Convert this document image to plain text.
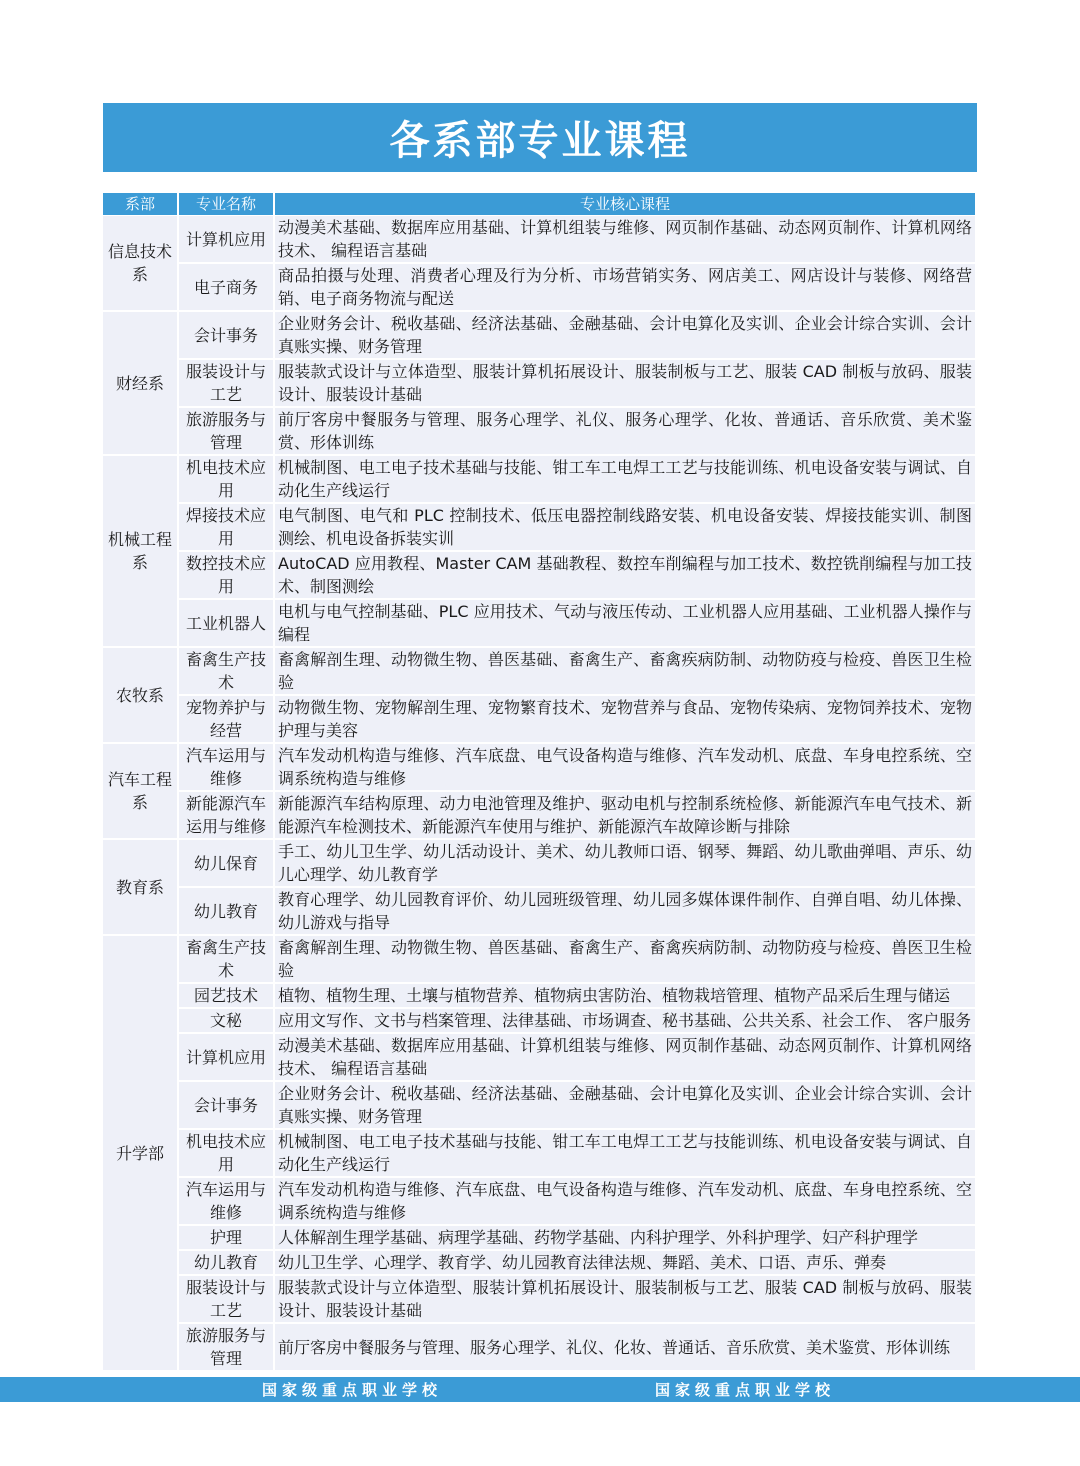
各系部专业课程
系部	专业名称	专业核心课程
信息技术系	计算机应用	动漫美术基础、数据库应用基础、计算机组装与维修、网页制作基础、动态网页制作、计算机网络技术、 编程语言基础
	电子商务	商品拍摄与处理、消费者心理及行为分析、市场营销实务、网店美工、网店设计与装修、网络营销、电子商务物流与配送
财经系	会计事务	企业财务会计、税收基础、经济法基础、金融基础、会计电算化及实训、企业会计综合实训、会计真账实操、财务管理
	服装设计与工艺	服装款式设计与立体造型、服装计算机拓展设计、服装制板与工艺、服装 CAD 制板与放码、服装设计、服装设计基础
	旅游服务与管理	前厅客房中餐服务与管理、服务心理学、礼仪、服务心理学、化妆、普通话、音乐欣赏、美术鉴赏、形体训练
机械工程系	机电技术应用	机械制图、电工电子技术基础与技能、钳工车工电焊工工艺与技能训练、机电设备安装与调试、自动化生产线运行
	焊接技术应用	电气制图、电气和 PLC 控制技术、低压电器控制线路安装、机电设备安装、焊接技能实训、制图测绘、机电设备拆装实训
	数控技术应用	AutoCAD 应用教程、Master CAM 基础教程、数控车削编程与加工技术、数控铣削编程与加工技术、制图测绘
	工业机器人	电机与电气控制基础、PLC 应用技术、气动与液压传动、工业机器人应用基础、工业机器人操作与编程
农牧系	畜禽生产技术	畜禽解剖生理、动物微生物、兽医基础、畜禽生产、畜禽疾病防制、动物防疫与检疫、兽医卫生检验
	宠物养护与经营	动物微生物、宠物解剖生理、宠物繁育技术、宠物营养与食品、宠物传染病、宠物饲养技术、宠物护理与美容
汽车工程系	汽车运用与维修	汽车发动机构造与维修、汽车底盘、电气设备构造与维修、汽车发动机、底盘、车身电控系统、空调系统构造与维修
	新能源汽车运用与维修	新能源汽车结构原理、动力电池管理及维护、驱动电机与控制系统检修、新能源汽车电气技术、新能源汽车检测技术、新能源汽车使用与维护、新能源汽车故障诊断与排除
教育系	幼儿保育	手工、幼儿卫生学、幼儿活动设计、美术、幼儿教师口语、钢琴、舞蹈、幼儿歌曲弹唱、声乐、幼儿心理学、幼儿教育学
	幼儿教育	教育心理学、幼儿园教育评价、幼儿园班级管理、幼儿园多媒体课件制作、自弹自唱、幼儿体操、幼儿游戏与指导
升学部	畜禽生产技术	畜禽解剖生理、动物微生物、兽医基础、畜禽生产、畜禽疾病防制、动物防疫与检疫、兽医卫生检验
	园艺技术	植物、植物生理、土壤与植物营养、植物病虫害防治、植物栽培管理、植物产品采后生理与储运
	文秘	应用文写作、文书与档案管理、法律基础、市场调查、秘书基础、公共关系、社会工作、 客户服务
	计算机应用	动漫美术基础、数据库应用基础、计算机组装与维修、网页制作基础、动态网页制作、计算机网络技术、 编程语言基础
	会计事务	企业财务会计、税收基础、经济法基础、金融基础、会计电算化及实训、企业会计综合实训、会计真账实操、财务管理
	机电技术应用	机械制图、电工电子技术基础与技能、钳工车工电焊工工艺与技能训练、机电设备安装与调试、自动化生产线运行
	汽车运用与维修	汽车发动机构造与维修、汽车底盘、电气设备构造与维修、汽车发动机、底盘、车身电控系统、空调系统构造与维修
	护理	人体解剖生理学基础、病理学基础、药物学基础、内科护理学、外科护理学、妇产科护理学
	幼儿教育	幼儿卫生学、心理学、教育学、幼儿园教育法律法规、舞蹈、美术、口语、声乐、弹奏
	服装设计与工艺	服装款式设计与立体造型、服装计算机拓展设计、服装制板与工艺、服装 CAD 制板与放码、服装设计、服装设计基础
	旅游服务与管理	前厅客房中餐服务与管理、服务心理学、礼仪、化妆、普通话、音乐欣赏、美术鉴赏、形体训练
国家级重点职业学校	国家级重点职业学校
